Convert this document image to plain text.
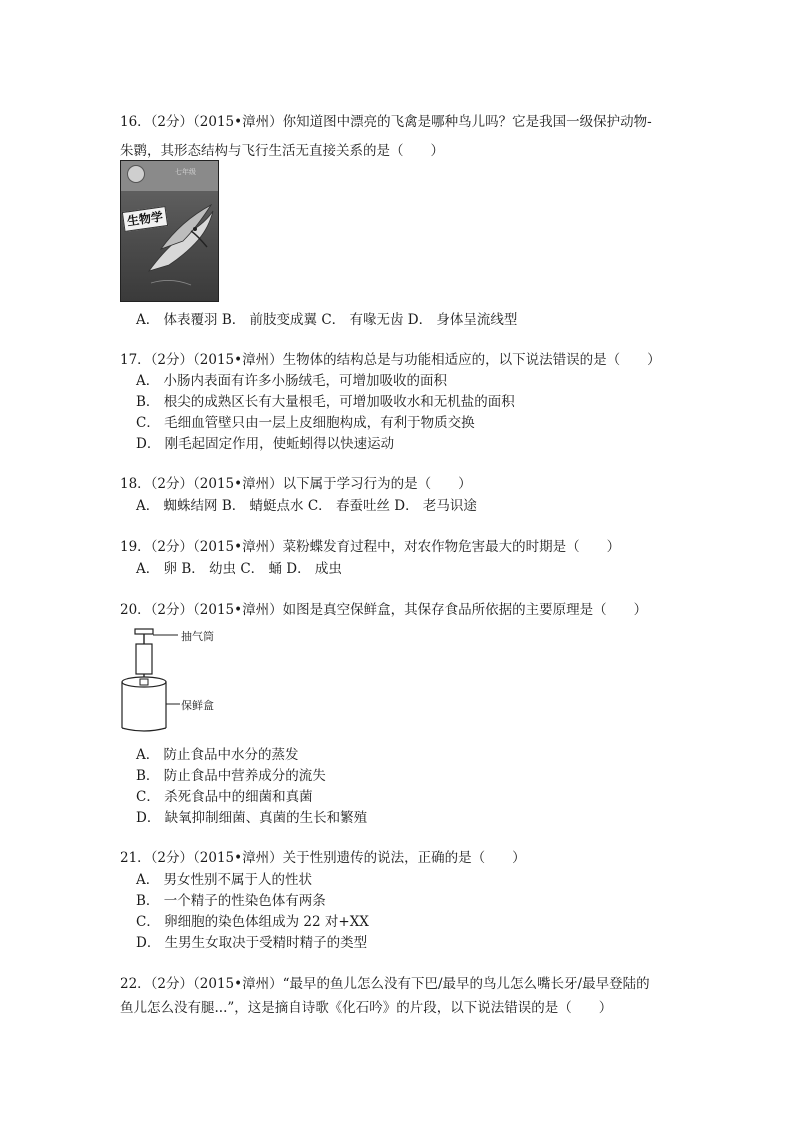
16．（2分）（2015•漳州）你知道图中漂亮的飞禽是哪种鸟儿吗？它是我国一级保护动物-
朱鹮，其形态结构与飞行生活无直接关系的是（　　）
七年级
生物学
A． 体表覆羽 B． 前肢变成翼 C． 有喙无齿 D． 身体呈流线型
17．（2分）（2015•漳州）生物体的结构总是与功能相适应的，以下说法错误的是（　　）
A． 小肠内表面有许多小肠绒毛，可增加吸收的面积
B． 根尖的成熟区长有大量根毛，可增加吸收水和无机盐的面积
C． 毛细血管壁只由一层上皮细胞构成，有利于物质交换
D． 刚毛起固定作用，使蚯蚓得以快速运动
18．（2分）（2015•漳州）以下属于学习行为的是（　　）
A． 蜘蛛结网 B． 蜻蜓点水 C． 春蚕吐丝 D． 老马识途
19．（2分）（2015•漳州）菜粉蝶发育过程中，对农作物危害最大的时期是（　　）
A． 卵 B． 幼虫 C． 蛹 D． 成虫
20．（2分）（2015•漳州）如图是真空保鲜盒，其保存食品所依据的主要原理是（　　）
抽气筒
保鲜盒
A． 防止食品中水分的蒸发
B． 防止食品中营养成分的流失
C． 杀死食品中的细菌和真菌
D． 缺氧抑制细菌、真菌的生长和繁殖
21．（2分）（2015•漳州）关于性别遗传的说法，正确的是（　　）
A． 男女性别不属于人的性状
B． 一个精子的性染色体有两条
C． 卵细胞的染色体组成为 22 对+XX
D． 生男生女取决于受精时精子的类型
22．（2分）（2015•漳州）“最早的鱼儿怎么没有下巴/最早的鸟儿怎么嘴长牙/最早登陆的
鱼儿怎么没有腿...”，这是摘自诗歌《化石吟》的片段，以下说法错误的是（　　）
